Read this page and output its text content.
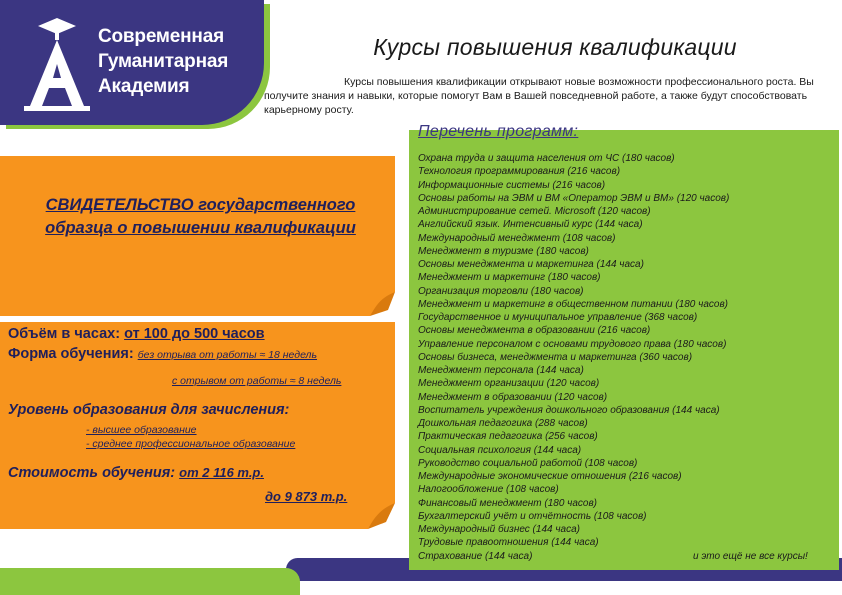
Современная
Гуманитарная
Академия
Курсы повышения квалификации

Курсы повышения квалификации открывают новые возможности профессионального роста. Вы получите знания и навыки, которые помогут Вам в Вашей повседневной работе, а также будут способствовать карьерному росту.

СВИДЕТЕЛЬСТВО государственного образца о повышении квалификации
Объём в часах: от 100 до 500 часов
Форма обучения: без отрыва от работы ≈ 18 недель
с отрывом от работы ≈ 8 недель
Уровень образования для зачисления:
- высшее образование
- среднее профессиональное образование
Стоимость обучения: от 2 116 т.р.
до 9 873 т.р.
Перечень программ:
Охрана труда и защита населения от ЧС (180 часов)
Технология программирования (216 часов)
Информационные системы (216 часов)
Основы работы на ЭВМ и ВМ «Оператор ЭВМ и ВМ» (120 часов)
Администрирование сетей. Microsoft (120 часов)
Английский язык. Интенсивный курс (144 часа)
Международный менеджмент (108 часов)
Менеджмент в туризме (180 часов)
Основы менеджмента и маркетинга (144 часа)
Менеджмент и маркетинг (180 часов)
Организация торговли (180 часов)
Менеджмент и маркетинг в общественном питании (180 часов)
Государственное и муниципальное управление (368 часов)
Основы менеджмента в образовании (216 часов)
Управление персоналом с основами трудового права (180 часов)
Основы бизнеса, менеджмента и маркетинга (360 часов)
Менеджмент персонала (144 часа)
Менеджмент организации (120 часов)
Менеджмент в образовании (120 часов)
Воспитатель учреждения дошкольного образования (144 часа)
Дошкольная педагогика (288 часов)
Практическая педагогика (256 часов)
Социальная психология (144 часа)
Руководство социальной работой (108 часов)
Международные экономические отношения (216 часов)
Налогообложение (108 часов)
Финансовый менеджмент (180 часов)
Бухгалтерский учёт и отчётность (108 часов)
Международный бизнес (144 часа)
Трудовые правоотношения (144 часа)
Страхование (144 часа)	и это ещё не все курсы!
